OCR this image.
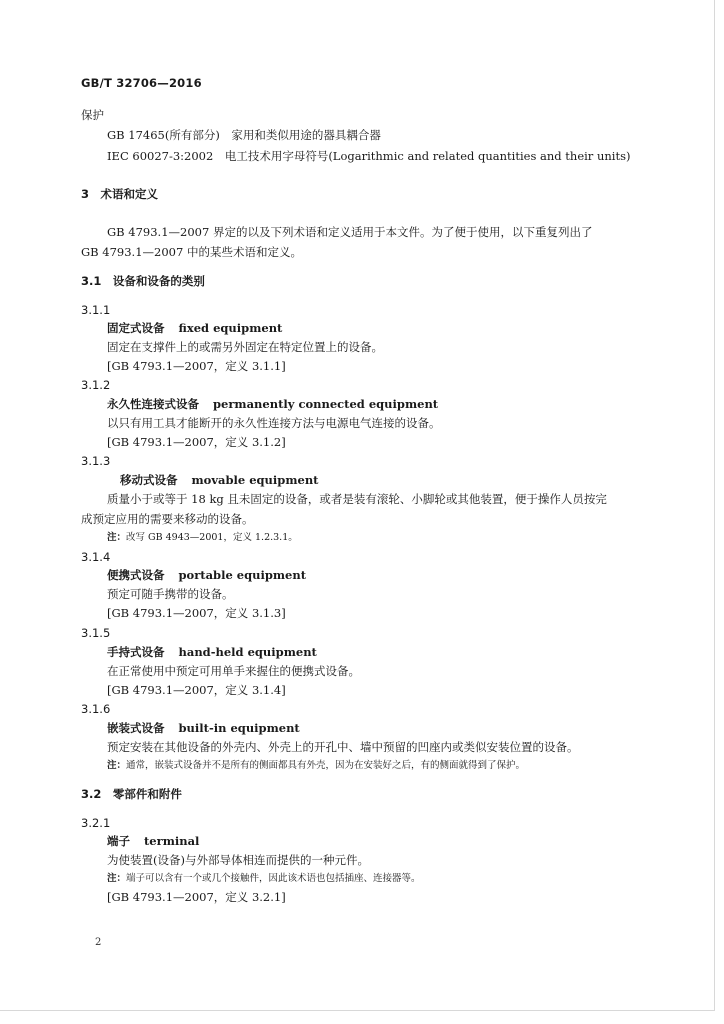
GB/T 32706—2016
保护
GB 17465(所有部分)　家用和类似用途的器具耦合器
IEC 60027-3:2002　电工技术用字母符号(Logarithmic and related quantities and their units)
3　术语和定义
GB 4793.1—2007 界定的以及下列术语和定义适用于本文件。为了便于使用，以下重复列出了
GB 4793.1—2007 中的某些术语和定义。
3.1　设备和设备的类别
3.1.1
固定式设备 fixed equipment
固定在支撑件上的或需另外固定在特定位置上的设备。
[GB 4793.1—2007，定义 3.1.1]
3.1.2
永久性连接式设备 permanently connected equipment
以只有用工具才能断开的永久性连接方法与电源电气连接的设备。
[GB 4793.1—2007，定义 3.1.2]
3.1.3
移动式设备 movable equipment
质量小于或等于 18 kg 且未固定的设备，或者是装有滚轮、小脚轮或其他装置，便于操作人员按完
成预定应用的需要来移动的设备。
注：改写 GB 4943—2001，定义 1.2.3.1。
3.1.4
便携式设备 portable equipment
预定可随手携带的设备。
[GB 4793.1—2007，定义 3.1.3]
3.1.5
手持式设备 hand-held equipment
在正常使用中预定可用单手来握住的便携式设备。
[GB 4793.1—2007，定义 3.1.4]
3.1.6
嵌装式设备 built-in equipment
预定安装在其他设备的外壳内、外壳上的开孔中、墙中预留的凹座内或类似安装位置的设备。
注：通常，嵌装式设备并不是所有的侧面都具有外壳，因为在安装好之后，有的侧面就得到了保护。
3.2　零部件和附件
3.2.1
端子 terminal
为使装置(设备)与外部导体相连而提供的一种元件。
注：端子可以含有一个或几个接触件，因此该术语也包括插座、连接器等。
[GB 4793.1—2007，定义 3.2.1]
2
